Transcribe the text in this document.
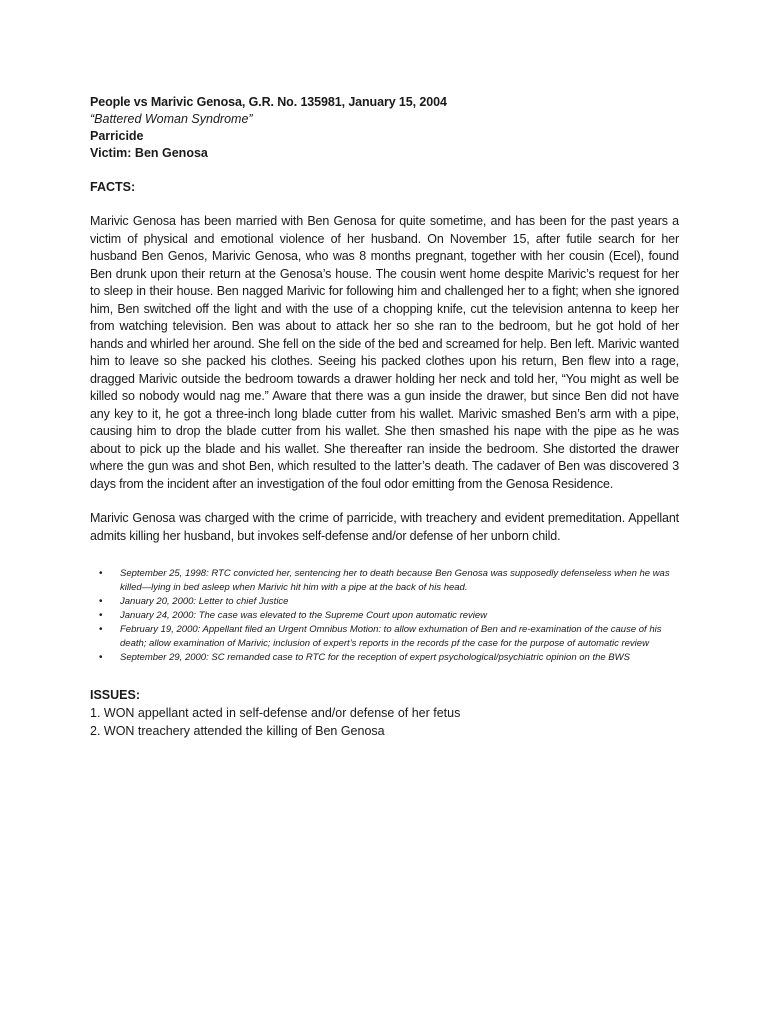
People vs Marivic Genosa, G.R. No. 135981, January 15, 2004
“Battered Woman Syndrome”
Parricide
Victim: Ben Genosa
FACTS:
Marivic Genosa has been married with Ben Genosa for quite sometime, and has been for the past years a victim of physical and emotional violence of her husband. On November 15, after futile search for her husband Ben Genos, Marivic Genosa, who was 8 months pregnant, together with her cousin (Ecel), found Ben drunk upon their return at the Genosa’s house. The cousin went home despite Marivic’s request for her to sleep in their house. Ben nagged Marivic for following him and challenged her to a fight; when she ignored him, Ben switched off the light and with the use of a chopping knife, cut the television antenna to keep her from watching television. Ben was about to attack her so she ran to the bedroom, but he got hold of her hands and whirled her around. She fell on the side of the bed and screamed for help. Ben left. Marivic wanted him to leave so she packed his clothes. Seeing his packed clothes upon his return, Ben flew into a rage, dragged Marivic outside the bedroom towards a drawer holding her neck and told her, “You might as well be killed so nobody would nag me.” Aware that there was a gun inside the drawer, but since Ben did not have any key to it, he got a three-inch long blade cutter from his wallet. Marivic smashed Ben’s arm with a pipe, causing him to drop the blade cutter from his wallet. She then smashed his nape with the pipe as he was about to pick up the blade and his wallet. She thereafter ran inside the bedroom. She distorted the drawer where the gun was and shot Ben, which resulted to the latter’s death. The cadaver of Ben was discovered 3 days from the incident after an investigation of the foul odor emitting from the Genosa Residence.
Marivic Genosa was charged with the crime of parricide, with treachery and evident premeditation. Appellant admits killing her husband, but invokes self-defense and/or defense of her unborn child.
• September 25, 1998: RTC convicted her, sentencing her to death because Ben Genosa was supposedly defenseless when he was killed—lying in bed asleep when Marivic hit him with a pipe at the back of his head.
• January 20, 2000: Letter to chief Justice
• January 24, 2000: The case was elevated to the Supreme Court upon automatic review
• February 19, 2000: Appellant filed an Urgent Omnibus Motion: to allow exhumation of Ben and re-examination of the cause of his death; allow examination of Marivic; inclusion of expert’s reports in the records pf the case for the purpose of automatic review
• September 29, 2000: SC remanded case to RTC for the reception of expert psychological/psychiatric opinion on the BWS
ISSUES:
1. WON appellant acted in self-defense and/or defense of her fetus
2. WON treachery attended the killing of Ben Genosa
